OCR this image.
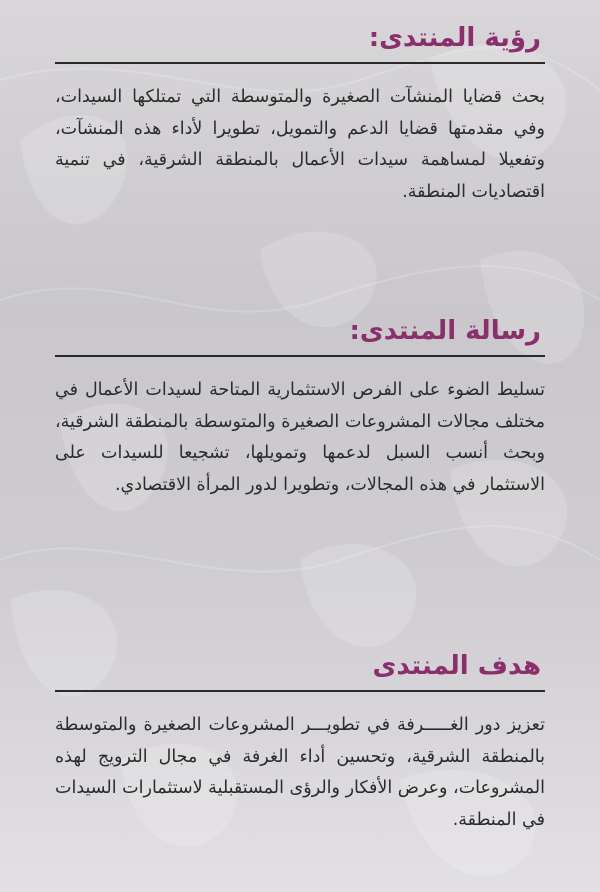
رؤية المنتدى:

بحث قضايا المنشآت الصغيرة والمتوسطة التي تمتلكها السيدات، وفي مقدمتها قضايا الدعم والتمويل، تطويرا لأداء هذه المنشآت، وتفعيلا لمساهمة سيدات الأعمال بالمنطقة الشرقية، في تنمية اقتصاديات المنطقة.

رسالة المنتدى:

تسليط الضوء على الفرص الاستثمارية المتاحة لسيدات الأعمال في مختلف مجالات المشروعات الصغيرة والمتوسطة بالمنطقة الشرقية، وبحث أنسب السبل لدعمها وتمويلها، تشجيعا للسيدات على الاستثمار في هذه المجالات، وتطويرا لدور المرأة الاقتصادي.

هدف المنتدى

تعزيز دور الغـــــرفة في تطويـــر المشروعات الصغيرة والمتوسطة بالمنطقة الشرقية، وتحسين أداء الغرفة في مجال الترويج لهذه المشروعات، وعرض الأفكار والرؤى المستقبلية لاستثمارات السيدات في المنطقة.
